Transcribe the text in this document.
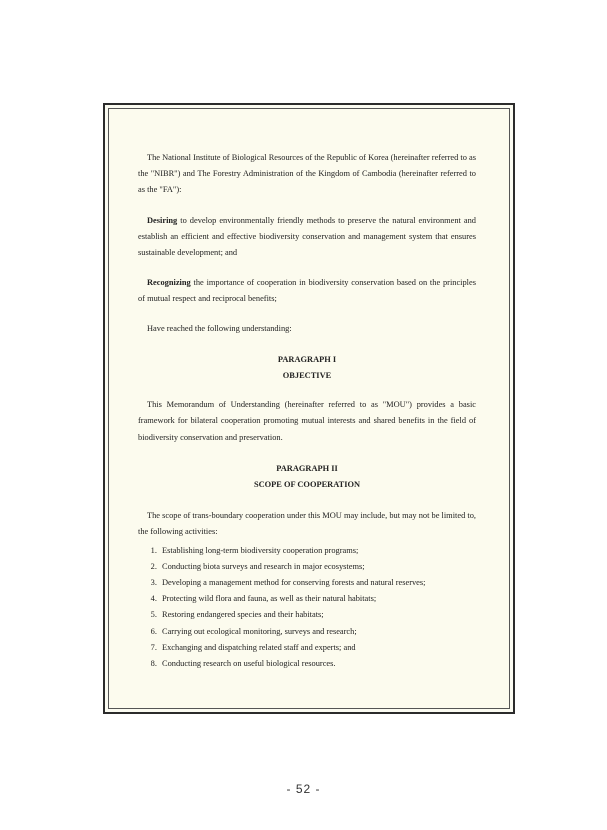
The National Institute of Biological Resources of the Republic of Korea (hereinafter referred to as the "NIBR") and The Forestry Administration of the Kingdom of Cambodia (hereinafter referred to as the "FA"):

Desiring to develop environmentally friendly methods to preserve the natural environment and establish an efficient and effective biodiversity conservation and management system that ensures sustainable development; and

Recognizing the importance of cooperation in biodiversity conservation based on the principles of mutual respect and reciprocal benefits;

Have reached the following understanding:

PARAGRAPH I

OBJECTIVE

This Memorandum of Understanding (hereinafter referred to as "MOU") provides a basic framework for bilateral cooperation promoting mutual interests and shared benefits in the field of biodiversity conservation and preservation.

PARAGRAPH II

SCOPE OF COOPERATION

The scope of trans-boundary cooperation under this MOU may include, but may not be limited to, the following activities:

1. Establishing long-term biodiversity cooperation programs;
2. Conducting biota surveys and research in major ecosystems;
3. Developing a management method for conserving forests and natural reserves;
4. Protecting wild flora and fauna, as well as their natural habitats;
5. Restoring endangered species and their habitats;
6. Carrying out ecological monitoring, surveys and research;
7. Exchanging and dispatching related staff and experts; and
8. Conducting research on useful biological resources.
- 52 -
